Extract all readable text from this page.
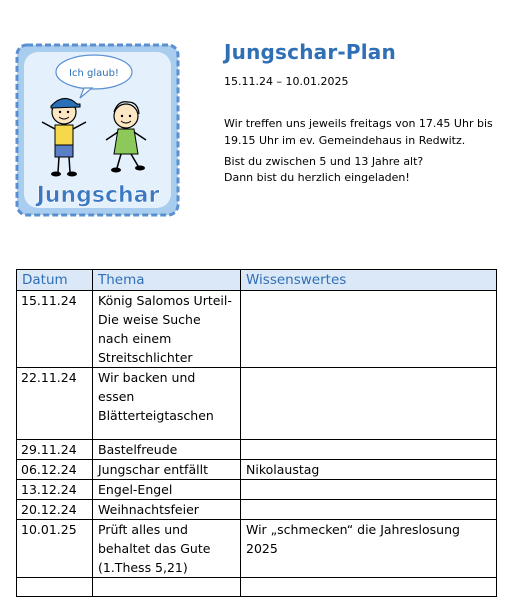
Ich glaub!
Jungschar
Jungschar-Plan
15.11.24 – 10.01.2025
Wir treffen uns jeweils freitags von 17.45 Uhr bis 19.15 Uhr im ev. Gemeindehaus in Redwitz.
Bist du zwischen 5 und 13 Jahre alt?
Dann bist du herzlich eingeladen!
Datum	Thema	Wissenswertes
15.11.24	König Salomos Urteil- Die weise Suche nach einem Streitschlichter	
22.11.24	Wir backen und essen Blätterteigtaschen	
29.11.24	Bastelfreude	
06.12.24	Jungschar entfällt	Nikolaustag
13.12.24	Engel-Engel	
20.12.24	Weihnachtsfeier	
10.01.25	Prüft alles und behaltet das Gute (1.Thess 5,21)	Wir „schmecken“ die Jahreslosung 2025
